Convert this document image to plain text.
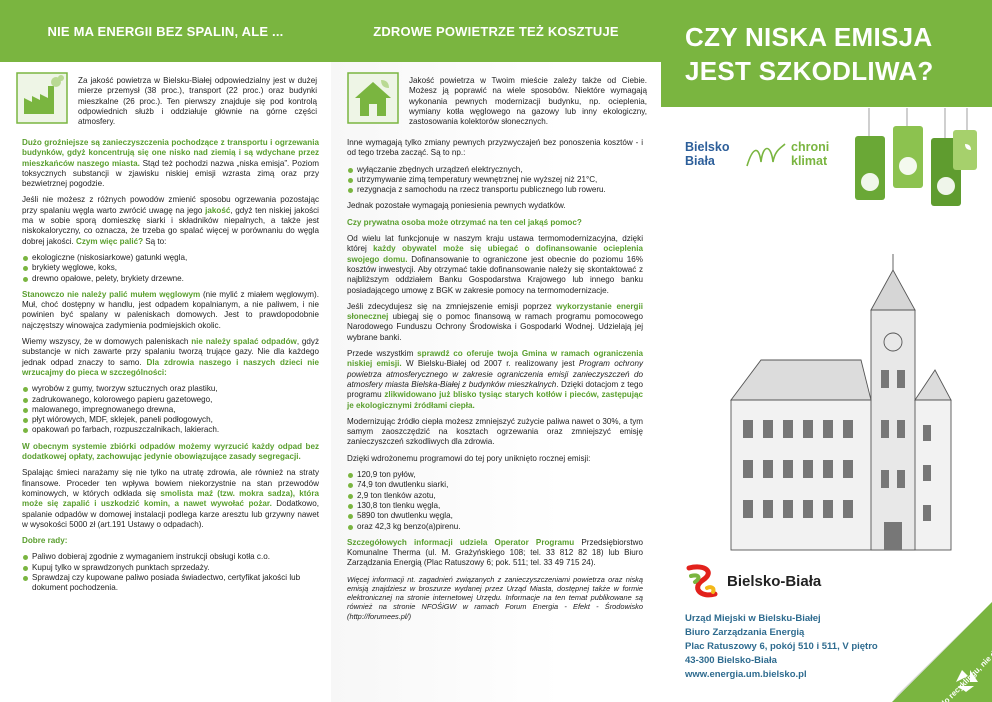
NIE MA ENERGII BEZ SPALIN, ALE ...
Za jakość powietrza w Bielsku-Białej odpowiedzialny jest w dużej mierze przemysł (38 proc.), transport (22 proc.) oraz budynki mieszkalne (26 proc.). Ten pierwszy znajduje się pod kontrolą odpowiednich służb i oddziałuje głównie na górne części atmosfery.

Dużo groźniejsze są zanieczyszczenia pochodzące z transportu i ogrzewania budynków, gdyż koncentrują się one nisko nad ziemią i są wdychane przez mieszkańców naszego miasta. Stąd też pochodzi nazwa „niska emisja”. Poziom toksycznych substancji w zjawisku niskiej emisji wzrasta zimą oraz przy bezwietrznej pogodzie.

Jeśli nie możesz z różnych powodów zmienić sposobu ogrzewania pozostając przy spalaniu węgla warto zwrócić uwagę na jego jakość, gdyż ten niskiej jakości ma w sobie sporą domieszkę siarki i składników niepalnych, a także jest niskokaloryczny, co oznacza, że trzeba go spalać więcej w porównaniu do węgla dobrej jakości. Czym więc palić? Są to:

ekologiczne (niskosiarkowe) gatunki węgla,
brykiety węglowe, koks,
drewno opałowe, pelety, brykiety drzewne.

Stanowczo nie należy palić mułem węglowym (nie mylić z miałem węglowym). Muł, choć dostępny w handlu, jest odpadem kopalnianym, a nie paliwem, i nie powinien być spalany w paleniskach domowych. Jest to prawdopodobnie najczęstszy winowajca zadymienia podmiejskich okolic.

Wiemy wszyscy, że w domowych paleniskach nie należy spalać odpadów, gdyż substancje w nich zawarte przy spalaniu tworzą trujące gazy. Nie dla każdego jednak odpad znaczy to samo. Dla zdrowia naszego i naszych dzieci nie wrzucajmy do pieca w szczególności:

wyrobów z gumy, tworzyw sztucznych oraz plastiku,
zadrukowanego, kolorowego papieru gazetowego,
malowanego, impregnowanego drewna,
płyt wiórowych, MDF, sklejek, paneli podłogowych,
opakowań po farbach, rozpuszczalnikach, lakierach.

W obecnym systemie zbiórki odpadów możemy wyrzucić każdy odpad bez dodatkowej opłaty, zachowując jedynie obowiązujące zasady segregacji.

Spalając śmieci narażamy się nie tylko na utratę zdrowia, ale również na straty finansowe. Proceder ten wpływa bowiem niekorzystnie na stan przewodów kominowych, w których odkłada się smolista maź (tzw. mokra sadza), która może się zapalić i uszkodzić komin, a nawet wywołać pożar. Dodatkowo, spalanie odpadów w domowej instalacji podlega karze aresztu lub grzywny nawet w wysokości 5000 zł (art.191 Ustawy o odpadach).

Dobre rady:

Paliwo dobieraj zgodnie z wymaganiem instrukcji obsługi kotła c.o.
Kupuj tylko w sprawdzonych punktach sprzedaży.
Sprawdzaj czy kupowane paliwo posiada świadectwo, certyfikat jakości lub dokument pochodzenia.
ZDROWE POWIETRZE TEŻ KOSZTUJE
Jakość powietrza w Twoim mieście zależy także od Ciebie. Możesz ją poprawić na wiele sposobów. Niektóre wymagają wykonania pewnych modernizacji budynku, np. ocieplenia, wymiany kotła węglowego na gazowy lub inny ekologiczny, zastosowania kolektorów słonecznych.

Inne wymagają tylko zmiany pewnych przyzwyczajeń bez ponoszenia kosztów - i od tego trzeba zacząć. Są to np.:

wyłączanie zbędnych urządzeń elektrycznych,
utrzymywanie zimą temperatury wewnętrznej nie wyższej niż 21°C,
rezygnacja z samochodu na rzecz transportu publicznego lub roweru.

Jednak pozostałe wymagają poniesienia pewnych wydatków.

Czy prywatna osoba może otrzymać na ten cel jakąś pomoc?

Od wielu lat funkcjonuje w naszym kraju ustawa termomodernizacyjna, dzięki której każdy obywatel może się ubiegać o dofinansowanie ocieplenia swojego domu. Dofinansowanie to ograniczone jest obecnie do poziomu 16% kosztów inwestycji. Aby otrzymać takie dofinansowanie należy się skontaktować z najbliższym oddziałem Banku Gospodarstwa Krajowego lub innego banku posiadającego umowę z BGK w zakresie pomocy na termomodernizacje.

Jeśli zdecydujesz się na zmniejszenie emisji poprzez wykorzystanie energii słonecznej ubiegaj się o pomoc finansową w ramach programu pomocowego Narodowego Funduszu Ochrony Środowiska i Gospodarki Wodnej. Udzielają jej wybrane banki.

Przede wszystkim sprawdź co oferuje twoja Gmina w ramach ograniczenia niskiej emisji. W Bielsku-Białej od 2007 r. realizowany jest Program ochrony powietrza atmosferycznego w zakresie ograniczenia emisji zanieczyszczeń do atmosfery miasta Bielska-Białej z budynków mieszkalnych. Dzięki dotacjom z tego programu zlikwidowano już blisko tysiąc starych kotłów i pieców, zastępując je ekologicznymi źródłami ciepła.

Modernizując źródło ciepła możesz zmniejszyć zużycie paliwa nawet o 30%, a tym samym zaoszczędzić na kosztach ogrzewania oraz zmniejszyć emisję zanieczyszczeń szkodliwych dla zdrowia.

Dzięki wdrożonemu programowi do tej pory uniknięto rocznej emisji:

120,9 ton pyłów,
74,9 ton dwutlenku siarki,
2,9 ton tlenków azotu,
130,8 ton tlenku węgla,
5890 ton dwutlenku węgla,
oraz 42,3 kg benzo(a)pirenu.

Szczegółowych informacji udziela Operator Programu Przedsiębiorstwo Komunalne Therma (ul. M. Grażyńskiego 108; tel. 33 812 82 18) lub Biuro Zarządzania Energią (Plac Ratuszowy 6; pok. 511; tel. 33 49 715 24).

Więcej informacji nt. zagadnień związanych z zanieczyszczeniami powietrza oraz niską emisją znajdziesz w broszurze wydanej przez Urząd Miasta, dostępnej także w formie elektronicznej na stronie internetowej Urzędu. Informacje na ten temat publikowane są również na stronie NFOŚiGW w ramach Forum Energia - Efekt - Środowisko (http://forumees.pl/)

CZY NISKA EMISJA
JEST SZKODLIWA?
Bielsko
Biała
chroni
klimat
Bielsko-Biała
Urząd Miejski w Bielsku-Białej
Biuro Zarządzania Energią
Plac Ratuszowy 6, pokój 510 i 511, V piętro
43-300 Bielsko-Biała
www.energia.um.bielsko.pl
